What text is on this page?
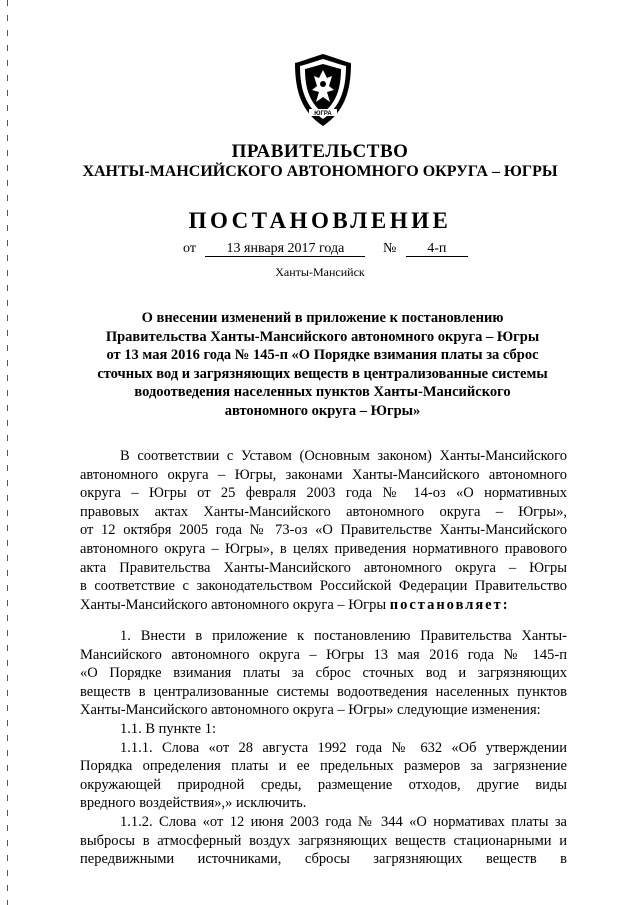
ЮГРА
ПРАВИТЕЛЬСТВО
ХАНТЫ-МАНСИЙСКОГО АВТОНОМНОГО ОКРУГА – ЮГРЫ
ПОСТАНОВЛЕНИЕ
от 13 января 2017 года	№ 4-п
Ханты-Мансийск
О внесении изменений в приложение к постановлению
Правительства Ханты-Мансийского автономного округа – Югры
от 13 мая 2016 года № 145-п «О Порядке взимания платы за сброс
сточных вод и загрязняющих веществ в централизованные системы
водоотведения населенных пунктов Ханты-Мансийского
автономного округа – Югры»

В соответствии с Уставом (Основным законом) Ханты-Мансийского

автономного округа – Югры, законами Ханты-Мансийского автономного

округа – Югры от 25 февраля 2003 года № 14-оз «О нормативных

правовых актах Ханты-Мансийского автономного округа – Югры»,

от 12 октября 2005 года № 73-оз «О Правительстве Ханты-Мансийского

автономного округа – Югры», в целях приведения нормативного правового

акта Правительства Ханты-Мансийского автономного округа – Югры

в соответствие с законодательством Российской Федерации Правительство

Ханты-Мансийского автономного округа – Югры постановляет:

1. Внести в приложение к постановлению Правительства Ханты-

Мансийского автономного округа – Югры 13 мая 2016 года № 145-п

«О Порядке взимания платы за сброс сточных вод и загрязняющих

веществ в централизованные системы водоотведения населенных пунктов

Ханты-Мансийского автономного округа – Югры» следующие изменения:

1.1. В пункте 1:

1.1.1. Слова «от 28 августа 1992 года № 632 «Об утверждении

Порядка определения платы и ее предельных размеров за загрязнение

окружающей природной среды, размещение отходов, другие виды

вредного воздействия»,» исключить.

1.1.2. Слова «от 12 июня 2003 года № 344 «О нормативах платы за

выбросы в атмосферный воздух загрязняющих веществ стационарными и

передвижными источниками, сбросы загрязняющих веществ в
